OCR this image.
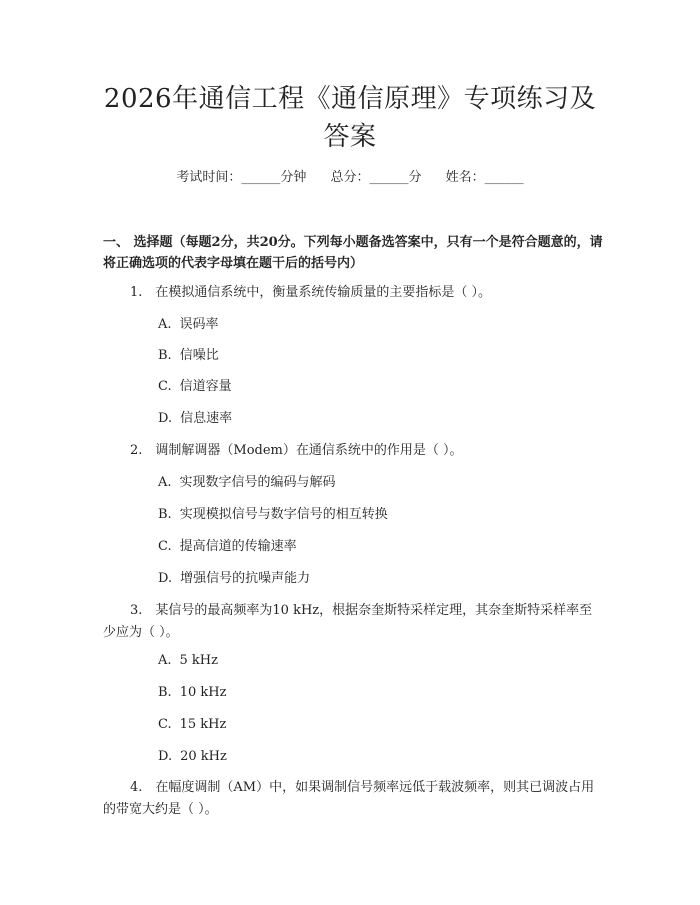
2026年通信工程《通信原理》专项练习及答案
考试时间：______分钟 总分：______分 姓名：______
一、 选择题（每题2分，共20分。下列每小题备选答案中，只有一个是符合题意的，请将正确选项的代表字母填在题干后的括号内）
1.　在模拟通信系统中，衡量系统传输质量的主要指标是（ ）。
A. 误码率
B. 信噪比
C. 信道容量
D. 信息速率
2.　调制解调器（Modem）在通信系统中的作用是（ ）。
A. 实现数字信号的编码与解码
B. 实现模拟信号与数字信号的相互转换
C. 提高信道的传输速率
D. 增强信号的抗噪声能力
3.　某信号的最高频率为10 kHz，根据奈奎斯特采样定理，其奈奎斯特采样率至少应为（ ）。
A. 5 kHz
B. 10 kHz
C. 15 kHz
D. 20 kHz
4.　在幅度调制（AM）中，如果调制信号频率远低于载波频率，则其已调波占用的带宽大约是（ ）。
